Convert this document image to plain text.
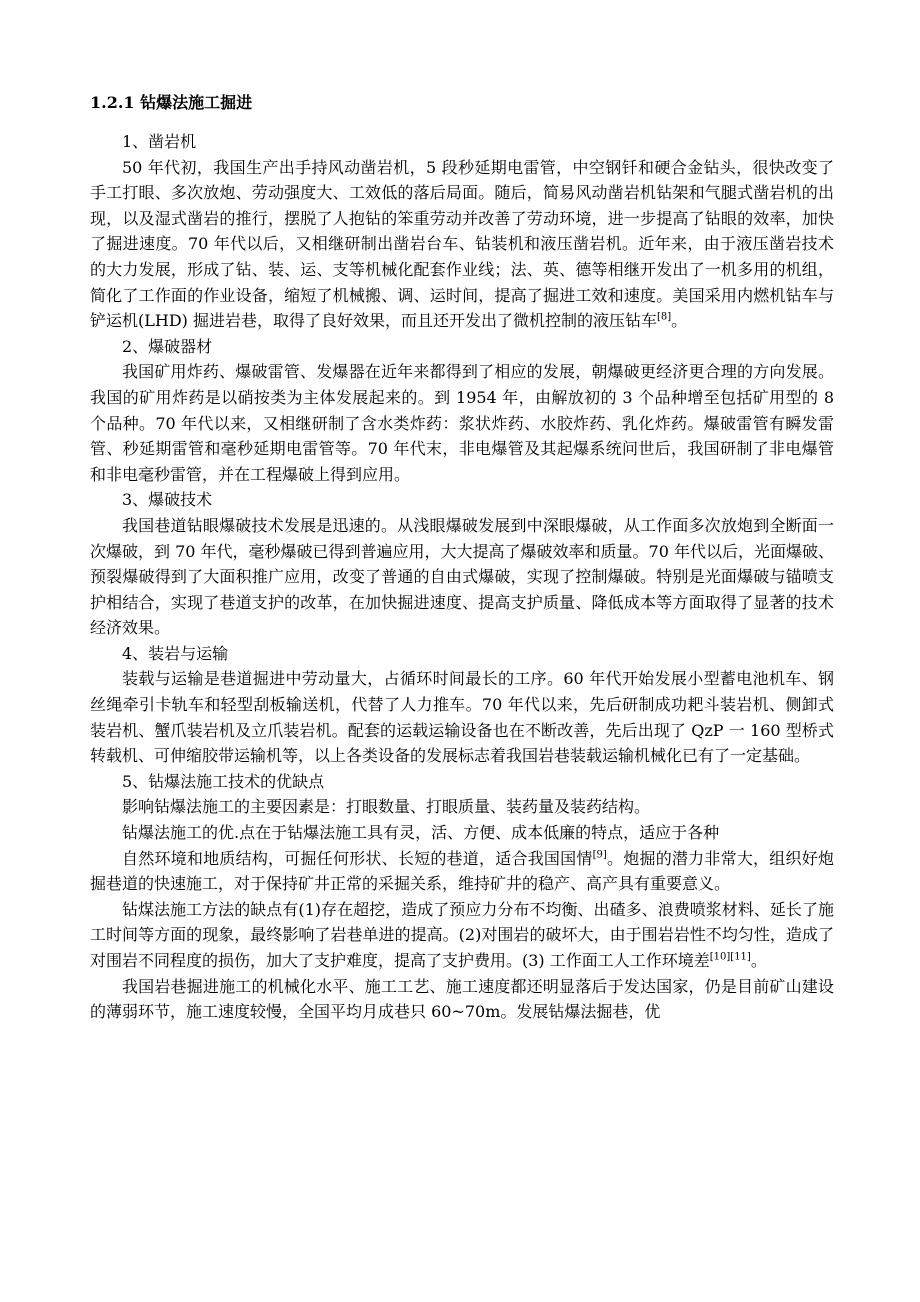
1.2.1 钻爆法施工掘进

1、凿岩机

50 年代初，我国生产出手持风动凿岩机，5 段秒延期电雷管，中空钢钎和硬合金钻头，很快改变了手工打眼、多次放炮、劳动强度大、工效低的落后局面。随后，简易风动凿岩机钻架和气腿式凿岩机的出现，以及湿式凿岩的推行，摆脱了人抱钻的笨重劳动并改善了劳动环境，进一步提高了钻眼的效率，加快了掘进速度。70 年代以后，又相继研制出凿岩台车、钻装机和液压凿岩机。近年来，由于液压凿岩技术的大力发展，形成了钻、装、运、支等机械化配套作业线；法、英、德等相继开发出了一机多用的机组，简化了工作面的作业设备，缩短了机械搬、调、运时间，提高了掘进工效和速度。美国采用内燃机钻车与铲运机(LHD) 掘进岩巷，取得了良好效果，而且还开发出了微机控制的液压钻车[8]。

2、爆破器材

我国矿用炸药、爆破雷管、发爆器在近年来都得到了相应的发展，朝爆破更经济更合理的方向发展。我国的矿用炸药是以硝按类为主体发展起来的。到 1954 年，由解放初的 3 个品种增至包括矿用型的 8 个品种。70 年代以来，又相继研制了含水类炸药：浆状炸药、水胶炸药、乳化炸药。爆破雷管有瞬发雷管、秒延期雷管和毫秒延期电雷管等。70 年代末，非电爆管及其起爆系统问世后，我国研制了非电爆管和非电毫秒雷管，并在工程爆破上得到应用。

3、爆破技术

我国巷道钻眼爆破技术发展是迅速的。从浅眼爆破发展到中深眼爆破，从工作面多次放炮到全断面一次爆破，到 70 年代，毫秒爆破已得到普遍应用，大大提高了爆破效率和质量。70 年代以后，光面爆破、预裂爆破得到了大面积推广应用，改变了普通的自由式爆破，实现了控制爆破。特别是光面爆破与锚喷支护相结合，实现了巷道支护的改革，在加快掘进速度、提高支护质量、降低成本等方面取得了显著的技术经济效果。

4、装岩与运输

装载与运输是巷道掘进中劳动量大，占循环时间最长的工序。60 年代开始发展小型蓄电池机车、钢丝绳牵引卡轨车和轻型刮板输送机，代替了人力推车。70 年代以来，先后研制成功耙斗装岩机、侧卸式装岩机、蟹爪装岩机及立爪装岩机。配套的运载运输设备也在不断改善，先后出现了 QzP 一 160 型桥式转载机、可伸缩胶带运输机等，以上各类设备的发展标志着我国岩巷装载运输机械化已有了一定基础。

5、钻爆法施工技术的优缺点

影响钻爆法施工的主要因素是：打眼数量、打眼质量、装药量及装药结构。

钻爆法施工的优.点在于钻爆法施工具有灵，活、方便、成本低廉的特点，适应于各种

自然环境和地质结构，可掘任何形状、长短的巷道，适合我国国情[9]。炮掘的潜力非常大，组织好炮掘巷道的快速施工，对于保持矿井正常的采掘关系，维持矿井的稳产、高产具有重要意义。

钻煤法施工方法的缺点有(1)存在超挖，造成了预应力分布不均衡、出碴多、浪费喷浆材料、延长了施工时间等方面的现象，最终影响了岩巷单进的提高。(2)对围岩的破坏大，由于围岩岩性不均匀性，造成了对围岩不同程度的损伤，加大了支护难度，提高了支护费用。(3) 工作面工人工作环境差[10][11]。

我国岩巷掘进施工的机械化水平、施工工艺、施工速度都还明显落后于发达国家，仍是目前矿山建设的薄弱环节，施工速度较慢，全国平均月成巷只 60~70m。发展钻爆法掘巷，优
